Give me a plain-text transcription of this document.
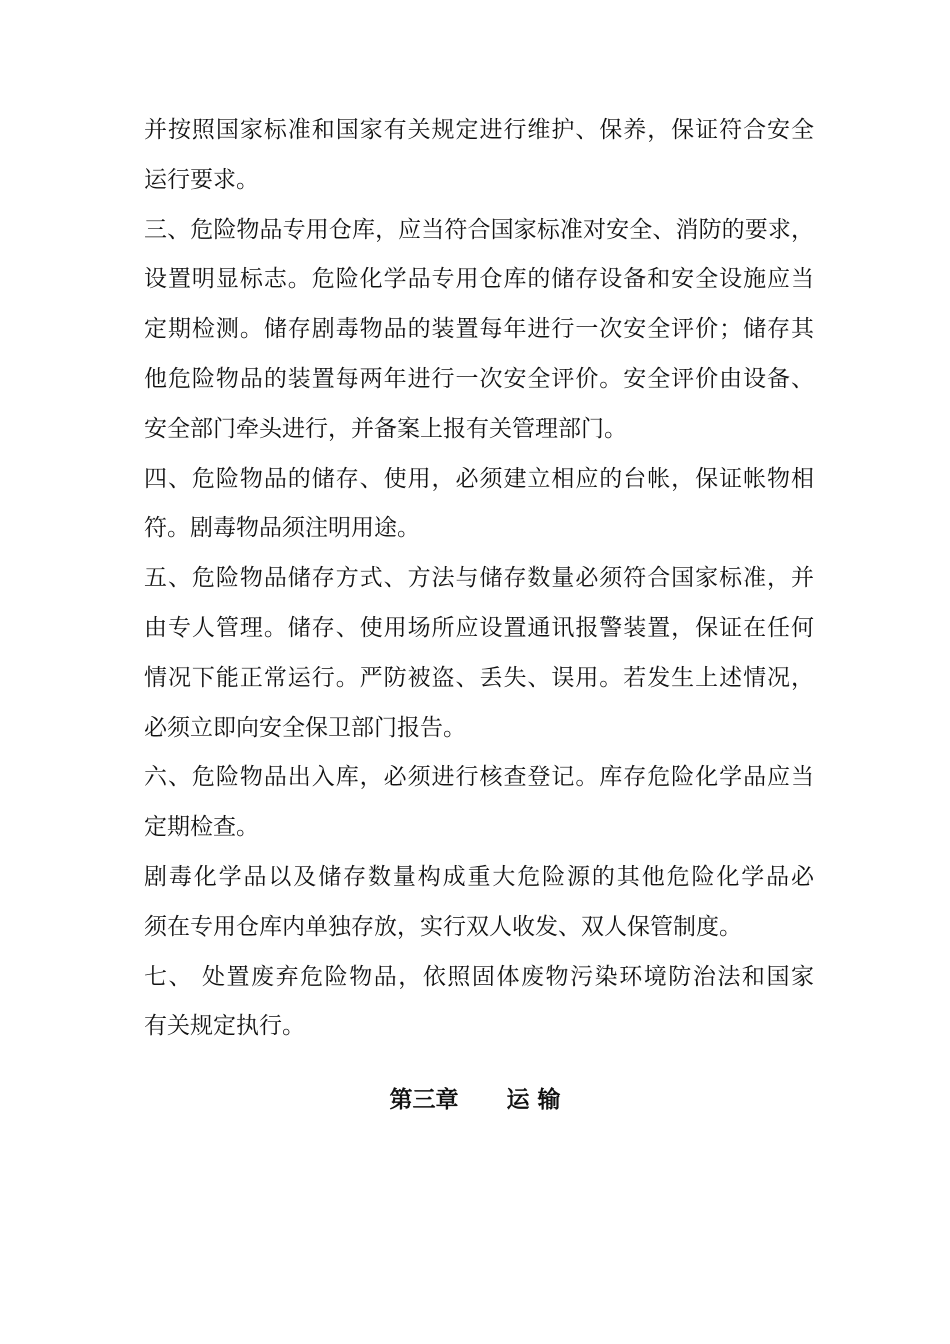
并按照国家标准和国家有关规定进行维护、保养，保证符合安全
运行要求。
三、危险物品专用仓库，应当符合国家标准对安全、消防的要求，
设置明显标志。危险化学品专用仓库的储存设备和安全设施应当
定期检测。储存剧毒物品的装置每年进行一次安全评价；储存其
他危险物品的装置每两年进行一次安全评价。安全评价由设备、
安全部门牵头进行，并备案上报有关管理部门。
四、危险物品的储存、使用，必须建立相应的台帐，保证帐物相
符。剧毒物品须注明用途。
五、危险物品储存方式、方法与储存数量必须符合国家标准，并
由专人管理。储存、使用场所应设置通讯报警装置，保证在任何
情况下能正常运行。严防被盗、丢失、误用。若发生上述情况，
必须立即向安全保卫部门报告。
六、危险物品出入库，必须进行核查登记。库存危险化学品应当
定期检查。
剧毒化学品以及储存数量构成重大危险源的其他危险化学品必
须在专用仓库内单独存放，实行双人收发、双人保管制度。
七、 处置废弃危险物品，依照固体废物污染环境防治法和国家
有关规定执行。
第三章      运 输
